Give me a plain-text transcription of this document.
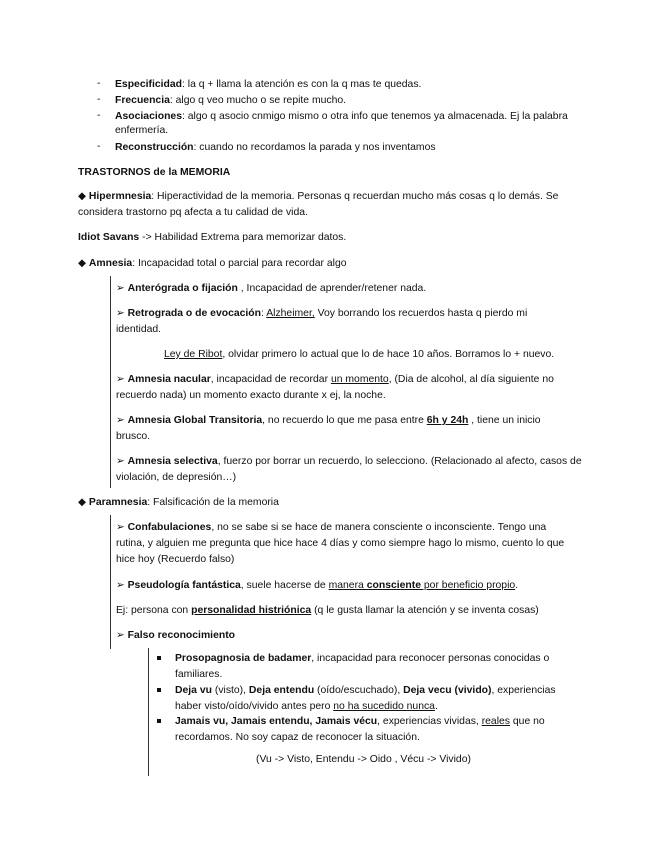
-	Especificidad: la q + llama la atención es con la q mas te quedas.
-	Frecuencia: algo q veo mucho o se repite mucho.
-	Asociaciones: algo q asocio cnmigo mismo o otra info que tenemos ya almacenada. Ej la palabra enfermería.
-	Reconstrucción: cuando no recordamos la parada y nos inventamos
TRASTORNOS de la MEMORIA
◆ Hipermnesia: Hiperactividad de la memoria. Personas q recuerdan mucho más cosas q lo demás. Se considera trastorno pq afecta a tu calidad de vida.
Idiot Savans -> Habilidad Extrema para memorizar datos.
◆ Amnesia: Incapacidad total o parcial para recordar algo
➢ Anterógrada o fijación , Incapacidad de aprender/retener nada.
➢ Retrograda o de evocación: Alzheimer, Voy borrando los recuerdos hasta q pierdo mi identidad.
Ley de Ribot, olvidar primero lo actual que lo de hace 10 años. Borramos lo + nuevo.
➢ Amnesia nacular, incapacidad de recordar un momento, (Dia de alcohol, al día siguiente no recuerdo nada) un momento exacto durante x ej, la noche.
➢ Amnesia Global Transitoria, no recuerdo lo que me pasa entre 6h y 24h , tiene un inicio brusco.
➢ Amnesia selectiva, fuerzo por borrar un recuerdo, lo selecciono. (Relacionado al afecto, casos de violación, de depresión…)
◆ Paramnesia: Falsificación de la memoria
➢ Confabulaciones, no se sabe si se hace de manera consciente o inconsciente. Tengo una rutina, y alguien me pregunta que hice hace 4 días y como siempre hago lo mismo, cuento lo que hice hoy (Recuerdo falso)
➢ Pseudología fantástica, suele hacerse de manera consciente por beneficio propio.
Ej: persona con personalidad histriónica (q le gusta llamar la atención y se inventa cosas)
➢ Falso reconocimiento
Prosopagnosia de badamer, incapacidad para reconocer personas conocidas o familiares.
Deja vu (visto), Deja entendu (oído/escuchado), Deja vecu (vivido), experiencias haber visto/oído/vivido antes pero no ha sucedido nunca.
Jamais vu, Jamais entendu, Jamais vécu, experiencias vividas, reales que no recordamos. No soy capaz de reconocer la situación.
(Vu -> Visto, Entendu -> Oido , Vécu -> Vivido)
